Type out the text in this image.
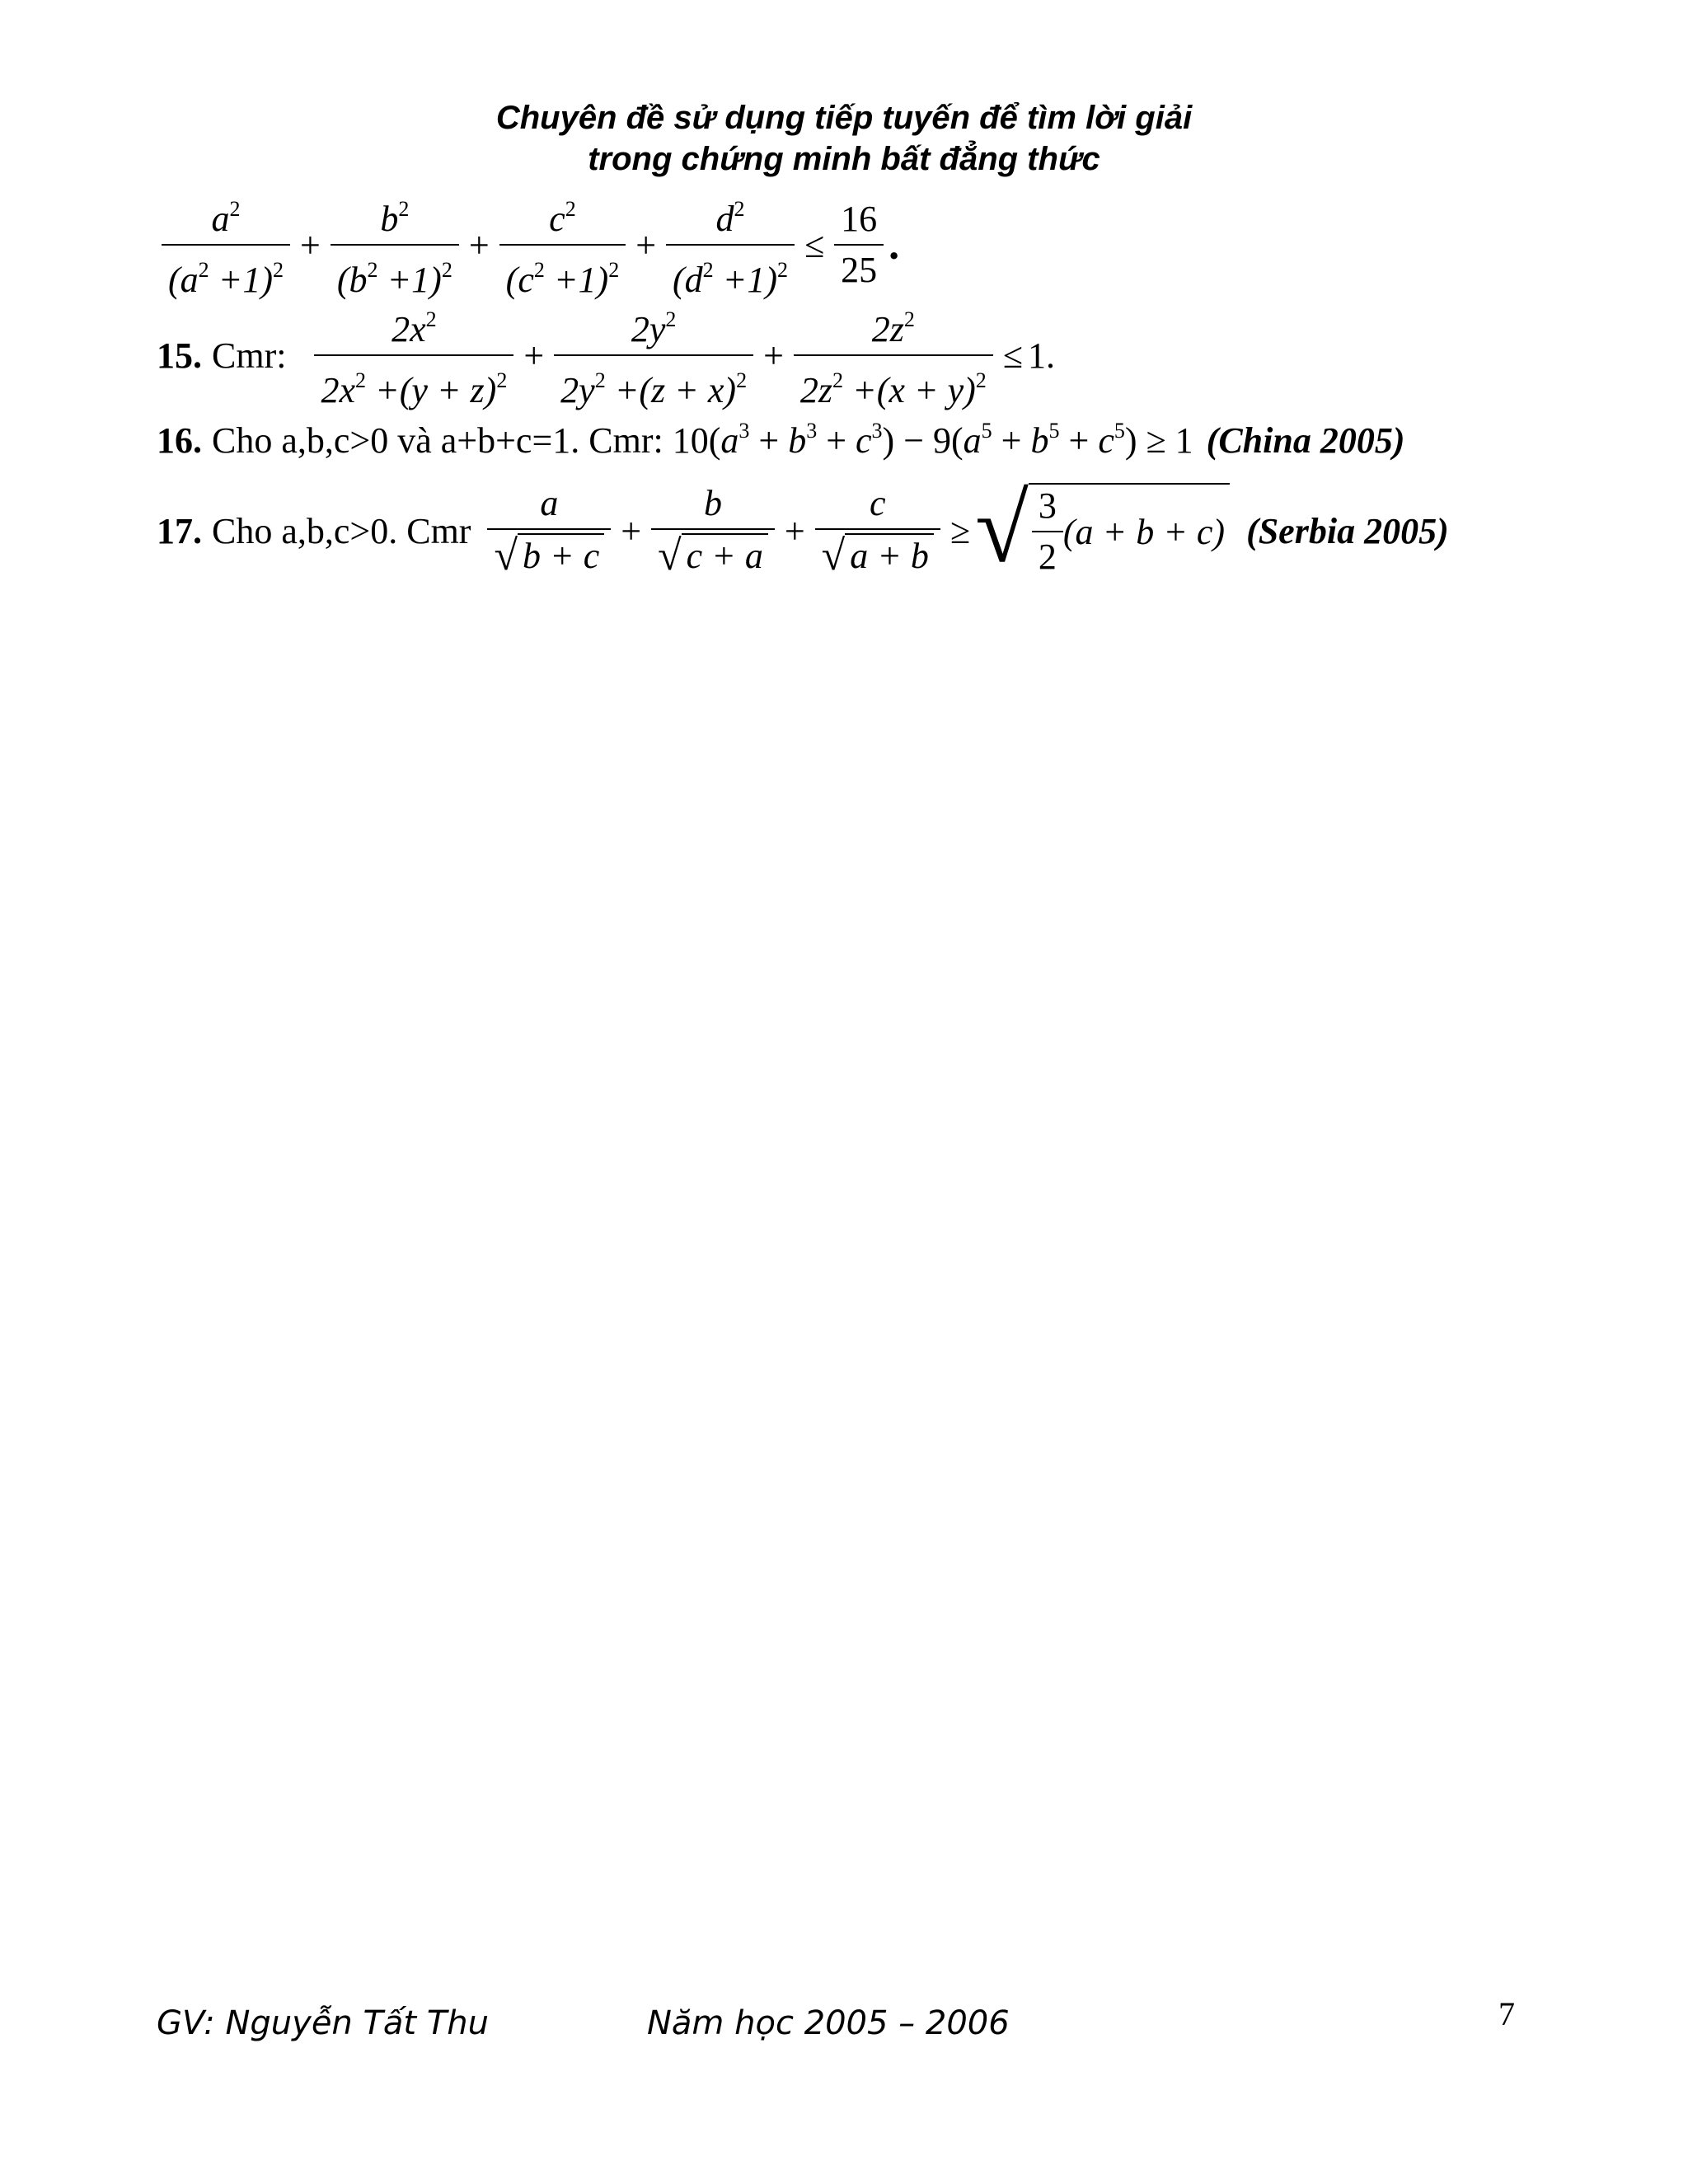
Chuyên đề sử dụng tiếp tuyến để tìm lời giải
trong chứng minh bất đẳng thức
$\frac{a^2}{(a^2 +1)^2} + \frac{b^2}{(b^2 +1)^2} + \frac{c^2}{(c^2 +1)^2} + \frac{d^2}{(d^2 +1)^2} \le \frac{16}{25}$ .
15. Cmr: $\frac{2x^2}{2x^2 +(y + z)^2} + \frac{2y^2}{2y^2 +(z + x)^2} + \frac{2z^2}{2z^2 +(x + y)^2} \le 1$.
16. Cho a,b,c>0 và a+b+c=1. Cmr: 10( $a^3 + b^3 + c^3) - 9(a^5 + b^5 + c^5) \ge 1$ (China 2005)
17. Cho a,b,c>0. Cmr $\frac{a}{√ b + c} + \frac{b}{√ c + a} + \frac{c}{√ a + b}$ ≥ √ $\frac{3}{2} (a + b + c)$ (Serbia 2005)
GV: Nguyễn Tất Thu	Năm học 2005 – 2006	7
